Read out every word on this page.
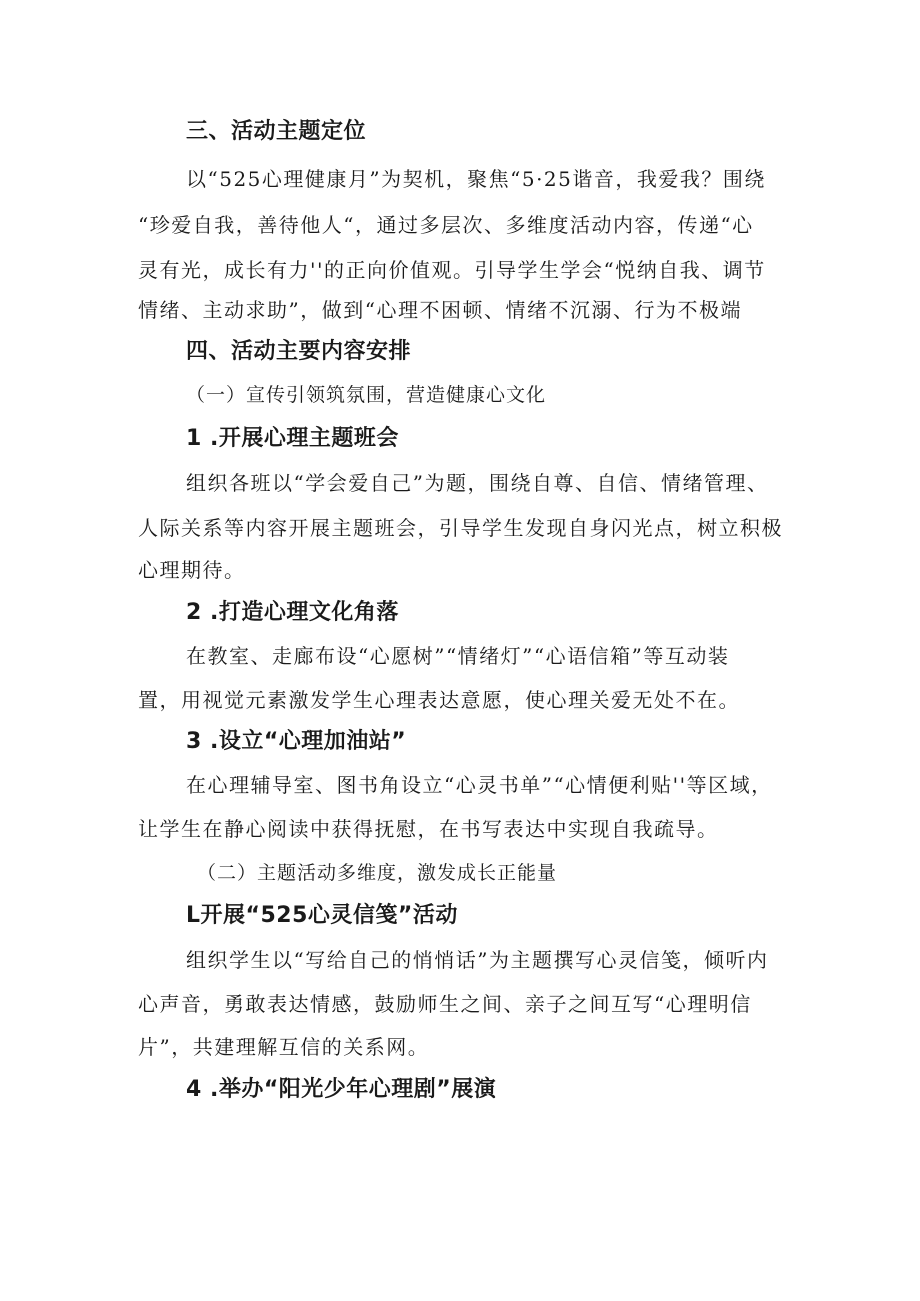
三、活动主题定位
以“525心理健康月”为契机，聚焦“5·25谐音，我爱我？围绕
“珍爱自我，善待他人“，通过多层次、多维度活动内容，传递“心
灵有光，成长有力''的正向价值观。引导学生学会“悦纳自我、调节
情绪、主动求助”，做到“心理不困顿、情绪不沉溺、行为不极端
四、活动主要内容安排
（一）宣传引领筑氛围，营造健康心文化
1 .开展心理主题班会
组织各班以“学会爱自己”为题，围绕自尊、自信、情绪管理、
人际关系等内容开展主题班会，引导学生发现自身闪光点，树立积极
心理期待。
2 .打造心理文化角落
在教室、走廊布设“心愿树”“情绪灯”“心语信箱”等互动装
置，用视觉元素激发学生心理表达意愿，使心理关爱无处不在。
3 .设立“心理加油站”
在心理辅导室、图书角设立“心灵书单”“心情便利贴''等区域，
让学生在静心阅读中获得抚慰，在书写表达中实现自我疏导。
（二）主题活动多维度，激发成长正能量
L开展“525心灵信笺”活动
组织学生以“写给自己的悄悄话”为主题撰写心灵信笺，倾听内
心声音，勇敢表达情感，鼓励师生之间、亲子之间互写“心理明信
片”，共建理解互信的关系网。
4 .举办“阳光少年心理剧”展演
